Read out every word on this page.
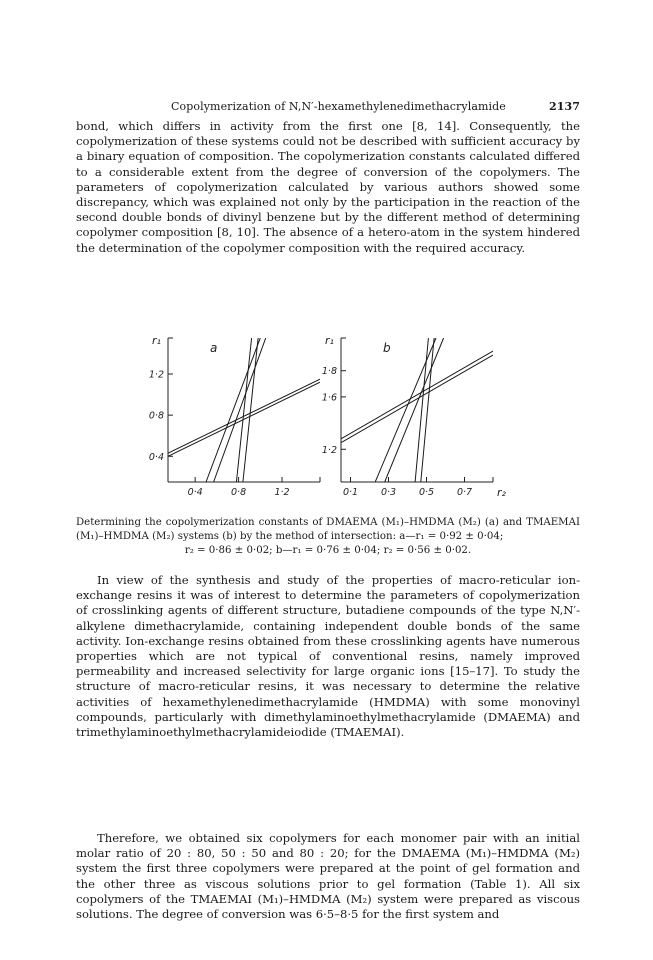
Copolymerization of N,N′-hexamethylenedimethacrylamide	2137

bond, which differs in activity from the first one [8, 14]. Consequently, the copolymerization of these systems could not be described with sufficient accuracy by a binary equation of composition. The copolymerization constants calculated differed to a considerable extent from the degree of conversion of the copolymers. The parameters of copolymerization calculated by various authors showed some discrepancy, which was explained not only by the participation in the reaction of the second double bonds of divinyl benzene but by the different method of determining copolymer composition [8, 10]. The absence of a hetero-atom in the system hindered the determination of the copolymer composition with the required accuracy.

r₁
1·2
0·8
0·4
0·4	0·8	1·2
a
r₁
1·8
1·6
1·2
0·1 0·3 0·5 0·7 r₂
b
Determining the copolymerization constants of DMAEMA (M₁)–HMDMA (M₂) (a) and TMAEMAI (M₁)–HMDMA (M₂) systems (b) by the method of intersection: a—r₁ = 0·92 ± 0·04;
r₂ = 0·86 ± 0·02; b—r₁ = 0·76 ± 0·04; r₂ = 0·56 ± 0·02.

In view of the synthesis and study of the properties of macro-reticular ion-exchange resins it was of interest to determine the parameters of copolymerization of crosslinking agents of different structure, butadiene compounds of the type N,N′-alkylene dimethacrylamide, containing independent double bonds of the same activity. Ion-exchange resins obtained from these crosslinking agents have numerous properties which are not typical of conventional resins, namely improved permeability and increased selectivity for large organic ions [15–17]. To study the structure of macro-reticular resins, it was necessary to determine the relative activities of hexamethylenedimethacrylamide (HMDMA) with some monovinyl compounds, particularly with dimethylaminoethylmethacrylamide (DMAEMA) and trimethylaminoethylmethacrylamideiodide (TMAEMAI).

Therefore, we obtained six copolymers for each monomer pair with an initial molar ratio of 20 : 80, 50 : 50 and 80 : 20; for the DMAEMA (M₁)–HMDMA (M₂) system the first three copolymers were prepared at the point of gel formation and the other three as viscous solutions prior to gel formation (Table 1). All six copolymers of the TMAEMAI (M₁)–HMDMA (M₂) system were prepared as viscous solutions. The degree of conversion was 6·5–8·5 for the first system and
